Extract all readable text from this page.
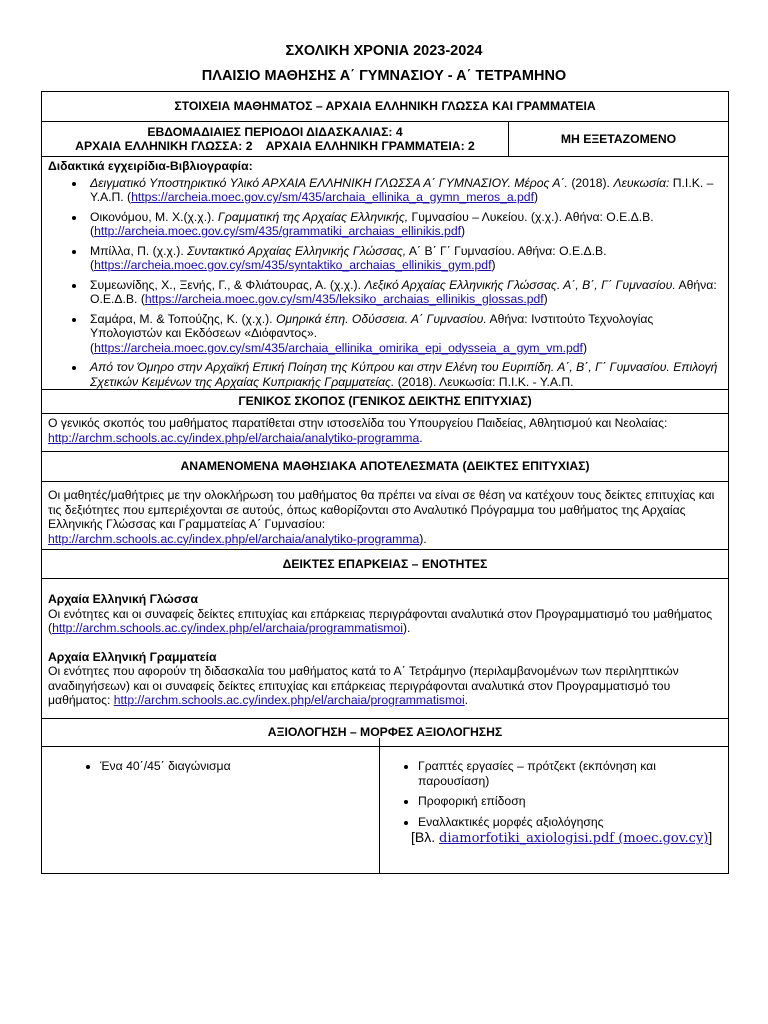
ΣΧΟΛΙΚΗ ΧΡΟΝΙΑ 2023-2024
ΠΛΑΙΣΙΟ ΜΑΘΗΣΗΣ Α΄ ΓΥΜΝΑΣΙΟΥ - Α΄ ΤΕΤΡΑΜΗΝΟ
ΣΤΟΙΧΕΙΑ ΜΑΘΗΜΑΤΟΣ – ΑΡΧΑΙΑ ΕΛΛΗΝΙΚΗ ΓΛΩΣΣΑ ΚΑΙ ΓΡΑΜΜΑΤΕΙΑ

ΕΒΔΟΜΑΔΙΑΙΕΣ ΠΕΡΙΟΔΟΙ ΔΙΔΑΣΚΑΛΙΑΣ: 4
ΑΡΧΑΙΑ ΕΛΛΗΝΙΚΗ ΓΛΩΣΣΑ: 2    ΑΡΧΑΙΑ ΕΛΛΗΝΙΚΗ ΓΡΑΜΜΑΤΕΙΑ: 2
	ΜΗ ΕΞΕΤΑΖΟΜΕΝΟ

Διδακτικά εγχειρίδια-Βιβλιογραφία:
• Δειγματικό Υποστηρικτικό Υλικό ΑΡΧΑΙΑ ΕΛΛΗΝΙΚΗ ΓΛΩΣΣΑ Α΄ ΓΥΜΝΑΣΙΟΥ. Μέρος Α΄. (2018). Λευκωσία: Π.Ι.Κ. – Υ.Α.Π. (https://archeia.moec.gov.cy/sm/435/archaia_ellinika_a_gymn_meros_a.pdf)
• Οικονόμου, Μ. Χ.(χ.χ.). Γραμματική της Αρχαίας Ελληνικής, Γυμνασίου – Λυκείου. (χ.χ.). Αθήνα: Ο.Ε.Δ.Β. (http://archeia.moec.gov.cy/sm/435/grammatiki_archaias_ellinikis.pdf)
• Μπίλλα, Π. (χ.χ.). Συντακτικό Αρχαίας Ελληνικής Γλώσσας, Α΄ Β΄ Γ΄ Γυμνασίου. Αθήνα: Ο.Ε.Δ.Β. (https://archeia.moec.gov.cy/sm/435/syntaktiko_archaias_ellinikis_gym.pdf)
• Συμεωνίδης, Χ., Ξενής, Γ., & Φλιάτουρας, Α. (χ.χ.). Λεξικό Αρχαίας Ελληνικής Γλώσσας. Α΄, Β΄, Γ΄ Γυμνασίου. Αθήνα: Ο.Ε.Δ.Β. (https://archeia.moec.gov.cy/sm/435/leksiko_archaias_ellinikis_glossas.pdf)
• Σαμάρα, Μ. & Τοπούζης, Κ. (χ.χ.). Ομηρικά έπη. Οδύσσεια. Α΄ Γυμνασίου. Αθήνα: Ινστιτούτο Τεχνολογίας Υπολογιστών και Εκδόσεων «Διόφαντος». (https://archeia.moec.gov.cy/sm/435/archaia_ellinika_omirika_epi_odysseia_a_gym_vm.pdf)
• Από τον Όμηρο στην Αρχαϊκή Επική Ποίηση της Κύπρου και στην Ελένη του Ευριπίδη. Α΄, Β΄, Γ΄ Γυμνασίου. Επιλογή Σχετικών Κειμένων της Αρχαίας Κυπριακής Γραμματείας. (2018). Λευκωσία: Π.Ι.Κ. - Υ.Α.Π.

ΓΕΝΙΚΟΣ ΣΚΟΠΟΣ (ΓΕΝΙΚΟΣ ΔΕΙΚΤΗΣ ΕΠΙΤΥΧΙΑΣ)

Ο γενικός σκοπός του μαθήματος παρατίθεται στην ιστοσελίδα του Υπουργείου Παιδείας, Αθλητισμού και Νεολαίας:
http://archm.schools.ac.cy/index.php/el/archaia/analytiko-programma.

ΑΝΑΜΕΝΟΜΕΝΑ ΜΑΘΗΣΙΑΚΑ ΑΠΟΤΕΛΕΣΜΑΤΑ (ΔΕΙΚΤΕΣ ΕΠΙΤΥΧΙΑΣ)

Οι μαθητές/μαθήτριες με την ολοκλήρωση του μαθήματος θα πρέπει να είναι σε θέση να κατέχουν τους δείκτες επιτυχίας και τις δεξιότητες που εμπεριέχονται σε αυτούς, όπως καθορίζονται στο Αναλυτικό Πρόγραμμα του μαθήματος της Αρχαίας Ελληνικής Γλώσσας και Γραμματείας Α΄ Γυμνασίου:
http://archm.schools.ac.cy/index.php/el/archaia/analytiko-programma).

ΔΕΙΚΤΕΣ ΕΠΑΡΚΕΙΑΣ – ΕΝΟΤΗΤΕΣ

Αρχαία Ελληνική Γλώσσα
Οι ενότητες και οι συναφείς δείκτες επιτυχίας και επάρκειας περιγράφονται αναλυτικά στον Προγραμματισμό του μαθήματος (http://archm.schools.ac.cy/index.php/el/archaia/programmatismoi).
Αρχαία Ελληνική Γραμματεία
Οι ενότητες που αφορούν τη διδασκαλία του μαθήματος κατά το Α΄ Τετράμηνο (περιλαμβανομένων των περιληπτικών αναδιηγήσεων) και οι συναφείς δείκτες επιτυχίας και επάρκειας περιγράφονται αναλυτικά στον Προγραμματισμό του μαθήματος: http://archm.schools.ac.cy/index.php/el/archaia/programmatismoi.

ΑΞΙΟΛΟΓΗΣΗ – ΜΟΡΦΕΣ ΑΞΙΟΛΟΓΗΣΗΣ
• Ένα 40΄/45΄ διαγώνισμα

•Γραπτές εργασίες – πρότζεκτ (εκπόνηση και παρουσίαση)
• Προφορική επίδοση
• Εναλλακτικές μορφές αξιολόγησης
[Βλ. diamorfotiki_axiologisi.pdf (moec.gov.cy)]
